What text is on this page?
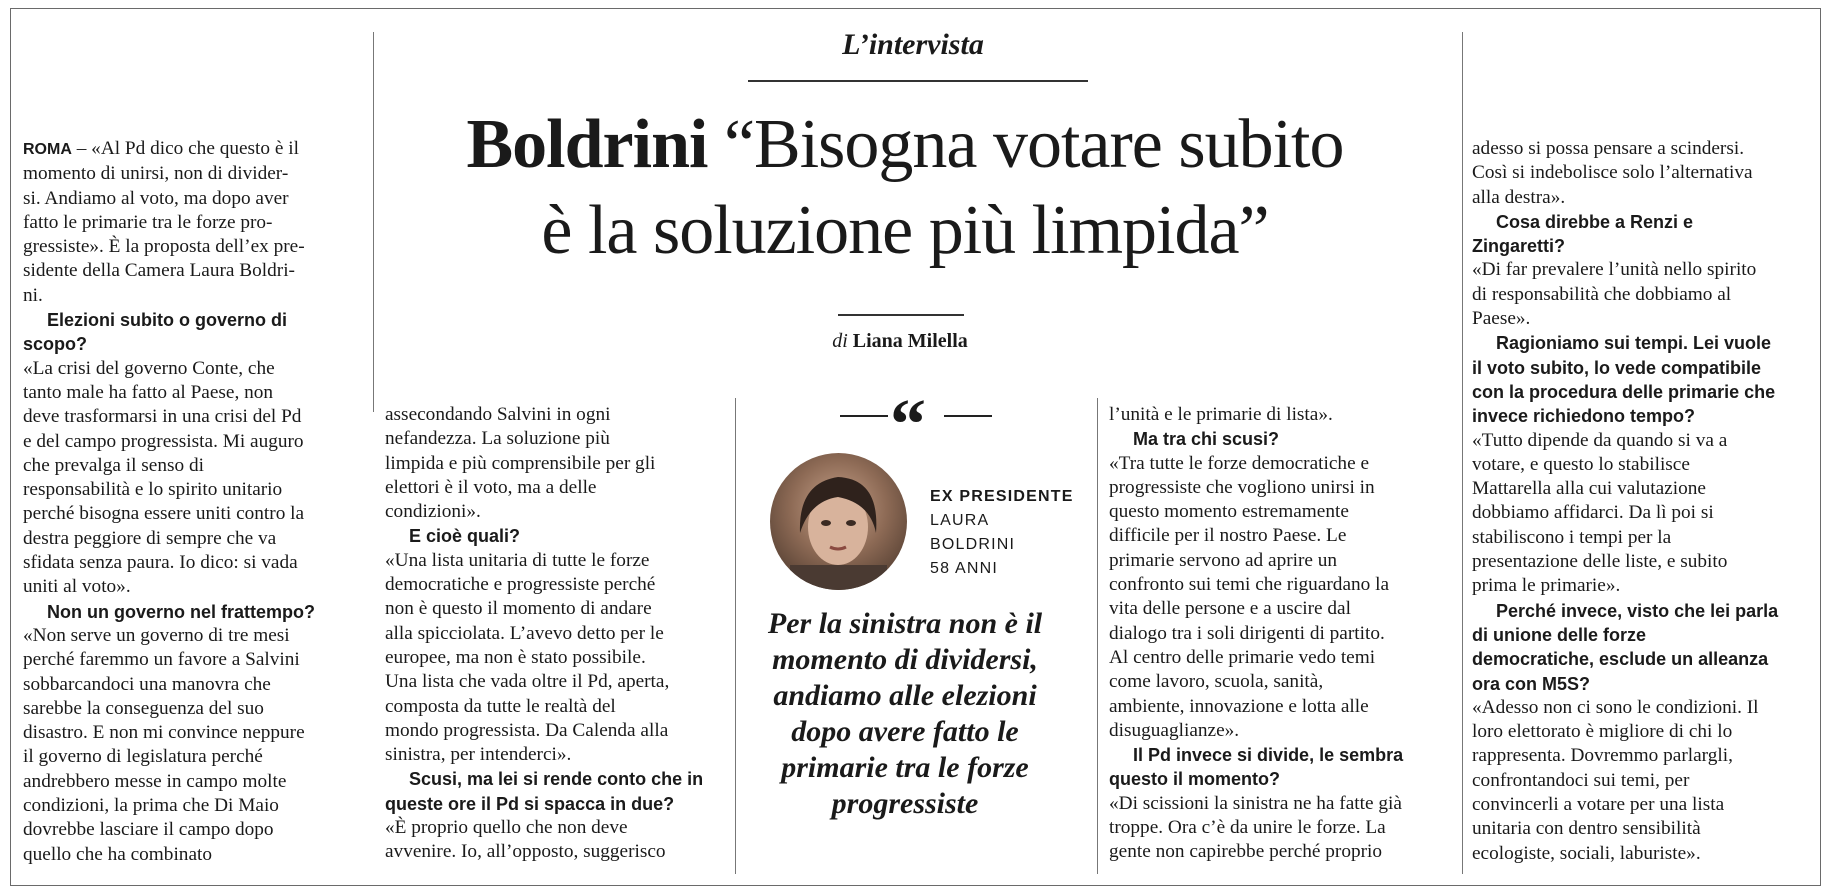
L’intervista
Boldrini “Bisogna votare subito
è la soluzione più limpida”
di Liana Milella
“
EX PRESIDENTE
LAURA
BOLDRINI
58 ANNI
Per la sinistra non è il
momento di dividersi,
andiamo alle elezioni
dopo avere fatto le
primarie tra le forze
progressiste

ROMA – «Al Pd dico che questo è il

momento di unirsi, non di divider-

si. Andiamo al voto, ma dopo aver

fatto le primarie tra le forze pro-

gressiste». È la proposta dell’ex pre-

sidente della Camera Laura Boldri-

ni.

Elezioni subito o governo di

scopo?

«La crisi del governo Conte, che

tanto male ha fatto al Paese, non

deve trasformarsi in una crisi del Pd

e del campo progressista. Mi auguro

che prevalga il senso di

responsabilità e lo spirito unitario

perché bisogna essere uniti contro la

destra peggiore di sempre che va

sfidata senza paura. Io dico: si vada

uniti al voto».

Non un governo nel frattempo?

«Non serve un governo di tre mesi

perché faremmo un favore a Salvini

sobbarcandoci una manovra che

sarebbe la conseguenza del suo

disastro. E non mi convince neppure

il governo di legislatura perché

andrebbero messe in campo molte

condizioni, la prima che Di Maio

dovrebbe lasciare il campo dopo

quello che ha combinato

assecondando Salvini in ogni

nefandezza. La soluzione più

limpida e più comprensibile per gli

elettori è il voto, ma a delle

condizioni».

E cioè quali?

«Una lista unitaria di tutte le forze

democratiche e progressiste perché

non è questo il momento di andare

alla spicciolata. L’avevo detto per le

europee, ma non è stato possibile.

Una lista che vada oltre il Pd, aperta,

composta da tutte le realtà del

mondo progressista. Da Calenda alla

sinistra, per intenderci».

Scusi, ma lei si rende conto che in

queste ore il Pd si spacca in due?

«È proprio quello che non deve

avvenire. Io, all’opposto, suggerisco

l’unità e le primarie di lista».

Ma tra chi scusi?

«Tra tutte le forze democratiche e

progressiste che vogliono unirsi in

questo momento estremamente

difficile per il nostro Paese. Le

primarie servono ad aprire un

confronto sui temi che riguardano la

vita delle persone e a uscire dal

dialogo tra i soli dirigenti di partito.

Al centro delle primarie vedo temi

come lavoro, scuola, sanità,

ambiente, innovazione e lotta alle

disuguaglianze».

Il Pd invece si divide, le sembra

questo il momento?

«Di scissioni la sinistra ne ha fatte già

troppe. Ora c’è da unire le forze. La

gente non capirebbe perché proprio

adesso si possa pensare a scindersi.

Così si indebolisce solo l’alternativa

alla destra».

Cosa direbbe a Renzi e

Zingaretti?

«Di far prevalere l’unità nello spirito

di responsabilità che dobbiamo al

Paese».

Ragioniamo sui tempi. Lei vuole

il voto subito, lo vede compatibile

con la procedura delle primarie che

invece richiedono tempo?

«Tutto dipende da quando si va a

votare, e questo lo stabilisce

Mattarella alla cui valutazione

dobbiamo affidarci. Da lì poi si

stabiliscono i tempi per la

presentazione delle liste, e subito

prima le primarie».

Perché invece, visto che lei parla

di unione delle forze

democratiche, esclude un alleanza

ora con M5S?

«Adesso non ci sono le condizioni. Il

loro elettorato è migliore di chi lo

rappresenta. Dovremmo parlargli,

confrontandoci sui temi, per

convincerli a votare per una lista

unitaria con dentro sensibilità

ecologiste, sociali, laburiste».
